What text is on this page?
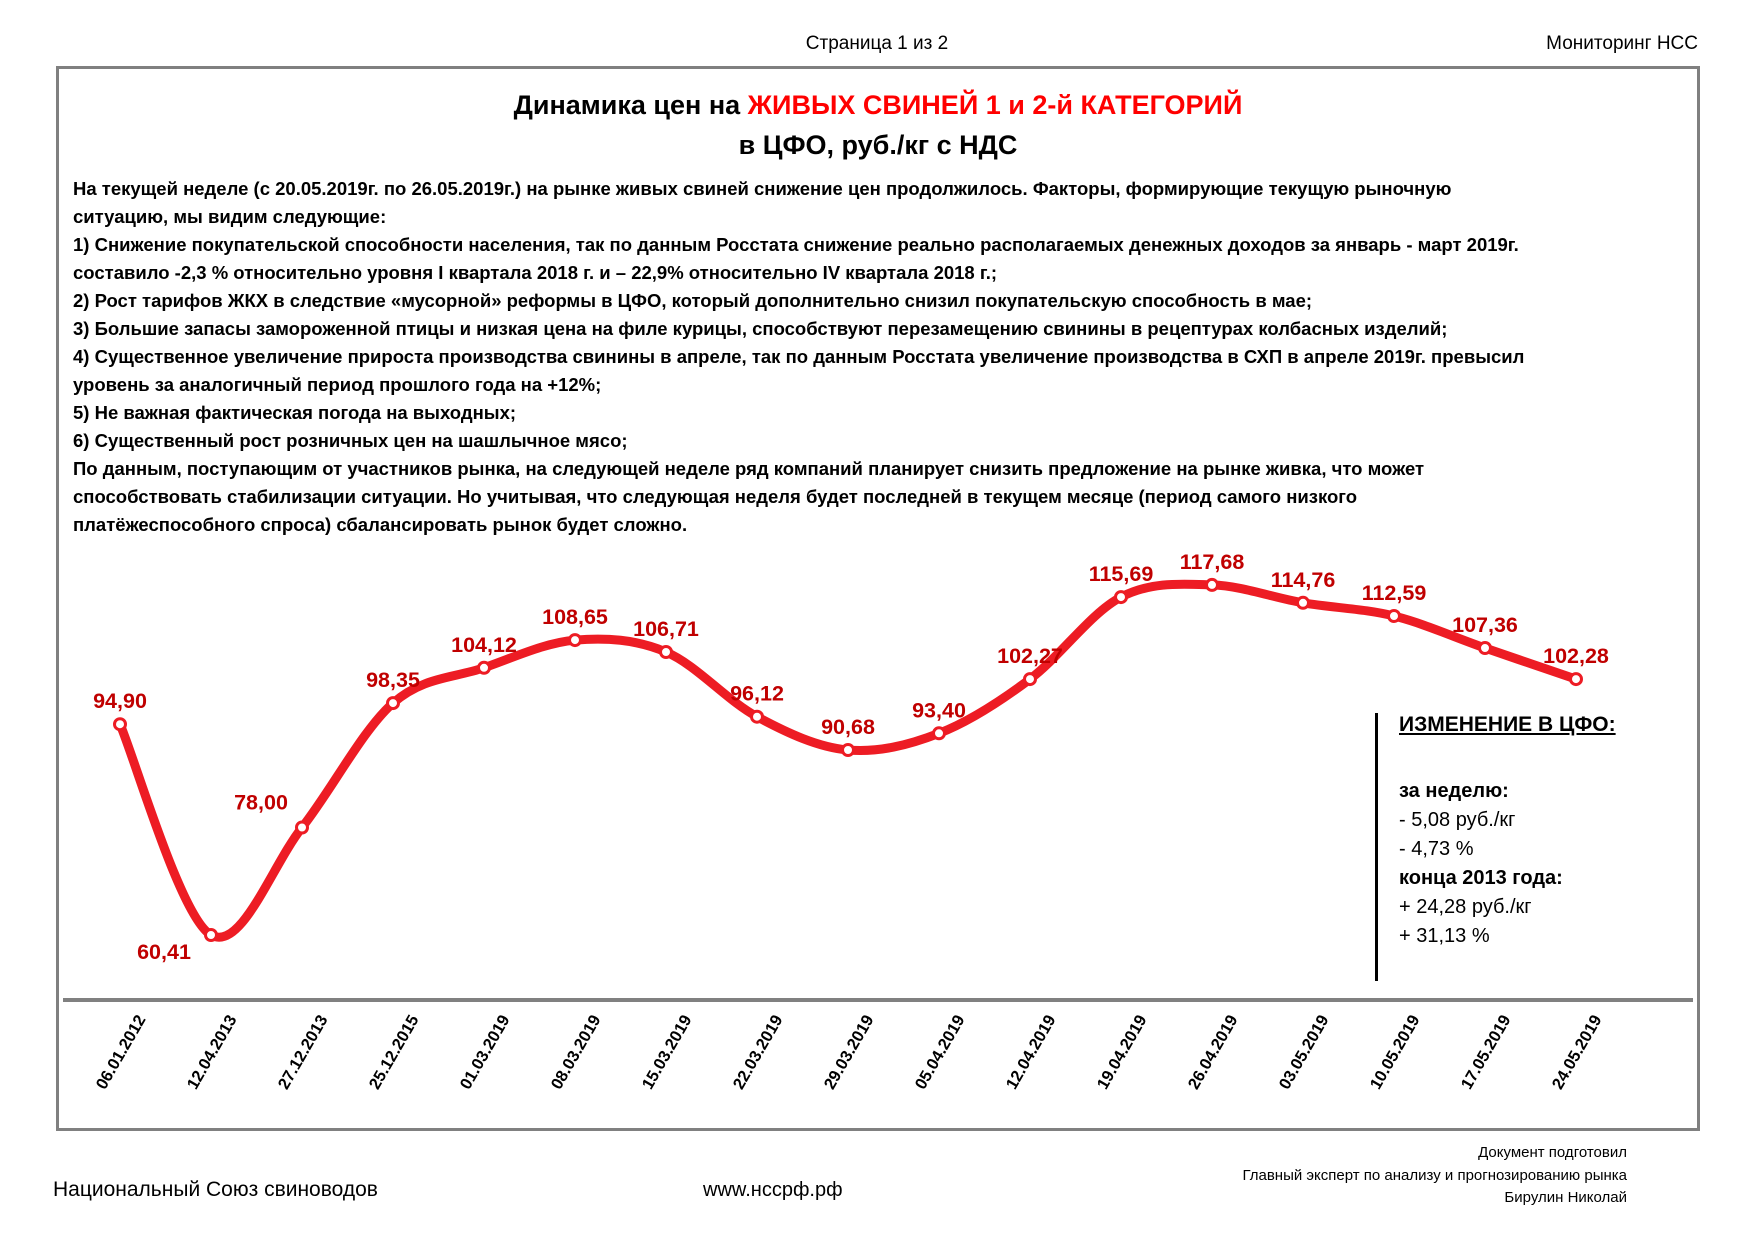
Страница 1 из 2	Мониторинг НСС
Динамика цен на ЖИВЫХ СВИНЕЙ 1 и 2-й КАТЕГОРИЙ
в ЦФО, руб./кг с НДС
На текущей неделе (с 20.05.2019г. по 26.05.2019г.) на рынке живых свиней снижение цен продолжилось. Факторы, формирующие текущую рыночную
ситуацию, мы видим следующие:
1) Снижение покупательской способности населения, так по данным Росстата снижение реально располагаемых денежных доходов за январь - март 2019г.
составило -2,3 % относительно уровня I квартала 2018 г. и – 22,9% относительно IV квартала 2018 г.;
2) Рост тарифов ЖКХ в следствие «мусорной» реформы в ЦФО, который дополнительно снизил покупательскую способность в мае;
3) Большие запасы замороженной птицы и низкая цена на филе курицы, способствуют перезамещению свинины в рецептурах колбасных изделий;
4) Существенное увеличение прироста производства свинины в апреле, так по данным Росстата увеличение производства в СХП в апреле 2019г. превысил
уровень за аналогичный период прошлого года на +12%;
5) Не важная фактическая погода на выходных;
6) Существенный рост розничных цен на шашлычное мясо;
По данным, поступающим от участников рынка, на следующей неделе ряд компаний планирует снизить предложение на рынке живка, что может
способствовать стабилизации ситуации. Но учитывая, что следующая неделя будет последней в текущем месяце (период самого низкого
платёжеспособного спроса) сбалансировать рынок будет сложно.
94,90
60,41
78,00
98,35
104,12
108,65 106,71
96,12
90,68
93,40
102,27
115,69
117,68
114,76
112,59
107,36
102,28
06.01.2012	12.04.2013	27.12.2013	25.12.2015	01.03.2019	08.03.2019	15.03.2019	22.03.2019	29.03.2019	05.04.2019	12.04.2019	19.04.2019	26.04.2019	03.05.2019	10.05.2019	17.05.2019	24.05.2019
ИЗМЕНЕНИЕ В ЦФО:
за неделю:
- 5,08 руб./кг
- 4,73 %
конца 2013 года:
+ 24,28 руб./кг
+ 31,13 %
Национальный Союз свиноводов	www.нссрф.рф
Документ подготовил
Главный эксперт по анализу и прогнозированию рынка
Бирулин Николай
